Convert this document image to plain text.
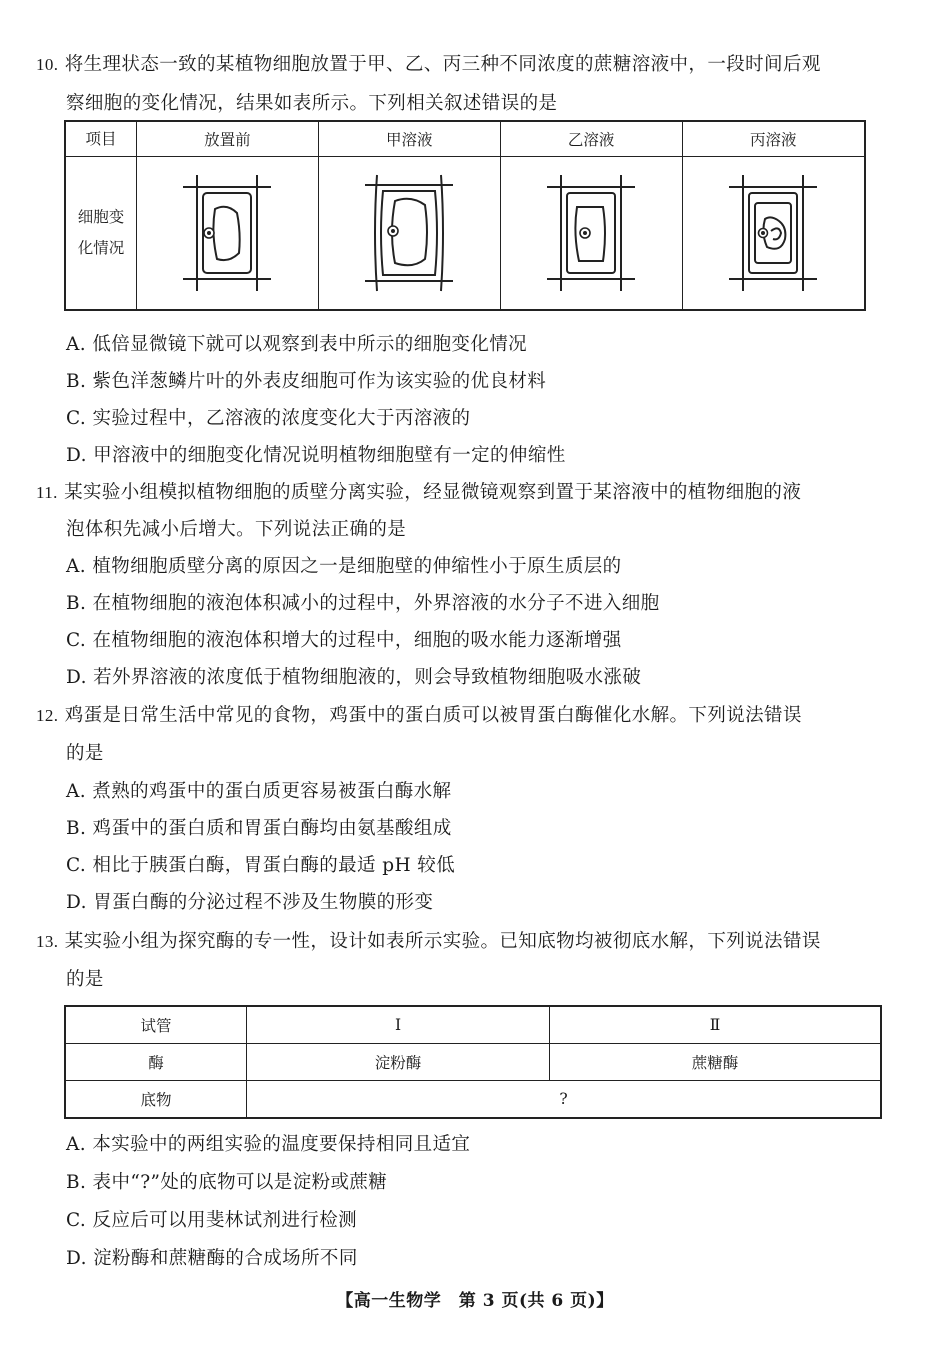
10. 将生理状态一致的某植物细胞放置于甲、乙、丙三种不同浓度的蔗糖溶液中，一段时间后观
察细胞的变化情况，结果如表所示。下列相关叙述错误的是
项目	放置前	甲溶液	乙溶液	丙溶液

细胞变
化情况

A. 低倍显微镜下就可以观察到表中所示的细胞变化情况
B. 紫色洋葱鳞片叶的外表皮细胞可作为该实验的优良材料
C. 实验过程中，乙溶液的浓度变化大于丙溶液的
D. 甲溶液中的细胞变化情况说明植物细胞壁有一定的伸缩性
11. 某实验小组模拟植物细胞的质壁分离实验，经显微镜观察到置于某溶液中的植物细胞的液
泡体积先减小后增大。下列说法正确的是
A. 植物细胞质壁分离的原因之一是细胞壁的伸缩性小于原生质层的
B. 在植物细胞的液泡体积减小的过程中，外界溶液的水分子不进入细胞
C. 在植物细胞的液泡体积增大的过程中，细胞的吸水能力逐渐增强
D. 若外界溶液的浓度低于植物细胞液的，则会导致植物细胞吸水涨破
12. 鸡蛋是日常生活中常见的食物，鸡蛋中的蛋白质可以被胃蛋白酶催化水解。下列说法错误
的是
A. 煮熟的鸡蛋中的蛋白质更容易被蛋白酶水解
B. 鸡蛋中的蛋白质和胃蛋白酶均由氨基酸组成
C. 相比于胰蛋白酶，胃蛋白酶的最适 pH 较低
D. 胃蛋白酶的分泌过程不涉及生物膜的形变
13. 某实验小组为探究酶的专一性，设计如表所示实验。已知底物均被彻底水解，下列说法错误
的是
试管	Ⅰ	Ⅱ
酶	淀粉酶	蔗糖酶
底物	?	
A. 本实验中的两组实验的温度要保持相同且适宜
B. 表中“?”处的底物可以是淀粉或蔗糖
C. 反应后可以用斐林试剂进行检测
D. 淀粉酶和蔗糖酶的合成场所不同
【高一生物学　第 3 页(共 6 页)】
